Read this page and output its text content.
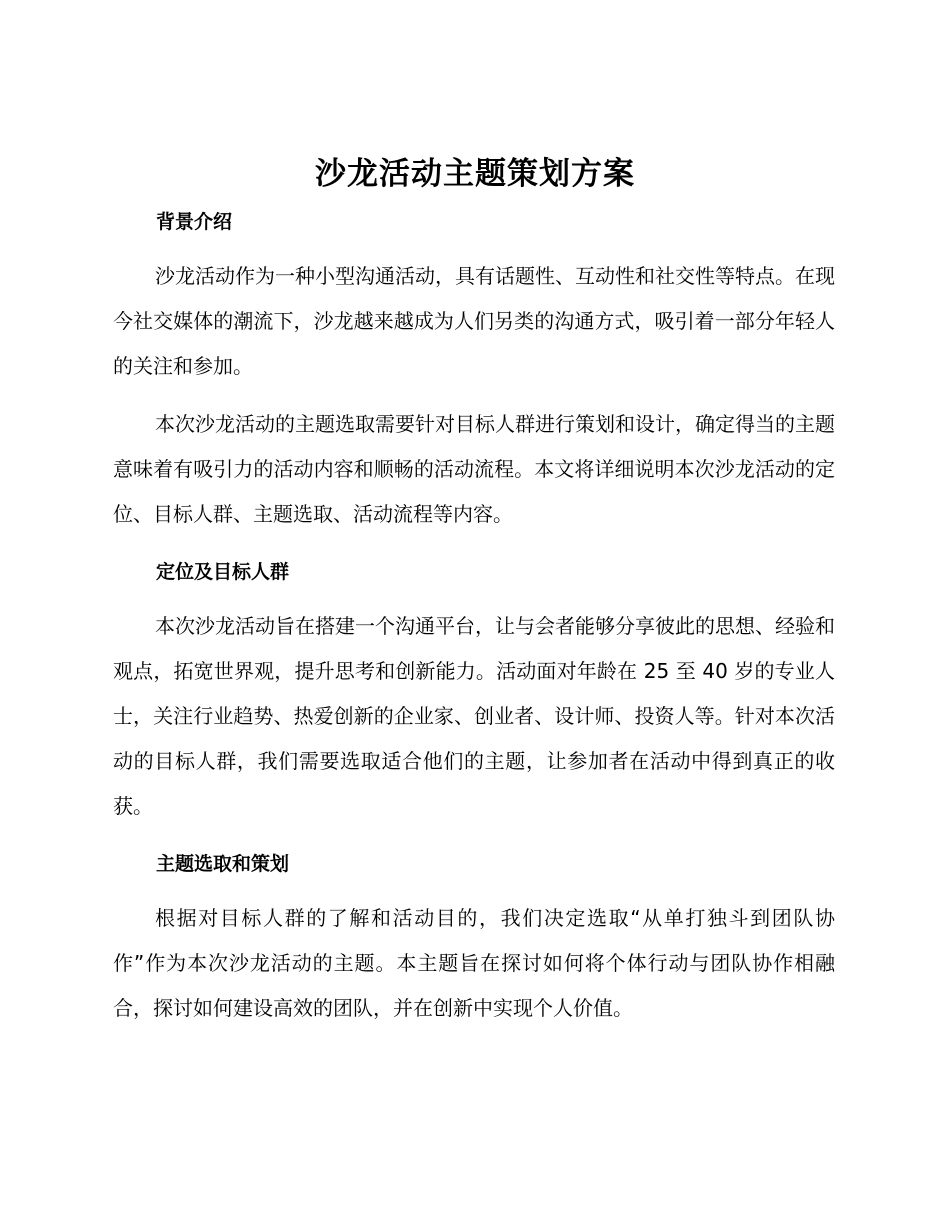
沙龙活动主题策划方案
背景介绍

沙龙活动作为一种小型沟通活动，具有话题性、互动性和社交性等特点。在现今社交媒体的潮流下，沙龙越来越成为人们另类的沟通方式，吸引着一部分年轻人的关注和参加。

本次沙龙活动的主题选取需要针对目标人群进行策划和设计，确定得当的主题意味着有吸引力的活动内容和顺畅的活动流程。本文将详细说明本次沙龙活动的定位、目标人群、主题选取、活动流程等内容。

定位及目标人群

本次沙龙活动旨在搭建一个沟通平台，让与会者能够分享彼此的思想、经验和观点，拓宽世界观，提升思考和创新能力。活动面对年龄在 25 至 40 岁的专业人士，关注行业趋势、热爱创新的企业家、创业者、设计师、投资人等。针对本次活动的目标人群，我们需要选取适合他们的主题，让参加者在活动中得到真正的收获。

主题选取和策划

根据对目标人群的了解和活动目的，我们决定选取“从单打独斗到团队协作”作为本次沙龙活动的主题。本主题旨在探讨如何将个体行动与团队协作相融合，探讨如何建设高效的团队，并在创新中实现个人价值。
